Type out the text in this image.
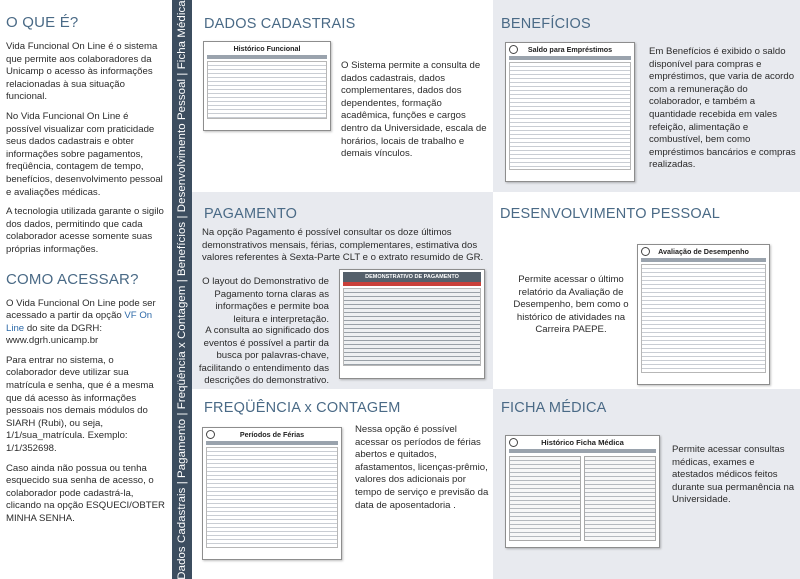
O QUE É?

Vida Funcional On Line é o sistema que permite aos colaboradores da Unicamp o acesso às informações relacionadas à sua situação funcional.

No Vida Funcional On Line é possível visualizar com praticidade seus dados cadastrais e obter informações sobre pagamentos, freqüência, contagem de tempo, benefícios, desenvolvimento pessoal e avaliações médicas.

A tecnologia utilizada garante o sigilo dos dados, permitindo que cada colaborador acesse somente suas próprias informações.

COMO ACESSAR?

O Vida Funcional On Line pode ser acessado a partir da opção VF On Line do site da DGRH: www.dgrh.unicamp.br

Para entrar no sistema, o colaborador deve utilizar sua matrícula e senha, que é a mesma que dá acesso às informações pessoais nos demais módulos do SIARH (Rubi), ou seja, 1/1/sua_matrícula. Exemplo: 1/1/352698.

Caso ainda não possua ou tenha esquecido sua senha de acesso, o colaborador pode cadastrá-la, clicando na opção ESQUECI/OBTER MINHA SENHA.	Dados Cadastrais | Pagamento | Freqüência x Contagem | Benefícios | Desenvolvimento Pessoal | Ficha Médica DADOS CADASTRAIS
Histórico Funcional
O Sistema permite a consulta de dados cadastrais, dados complementares, dados dos dependentes, formação acadêmica, funções e cargos dentro da Universidade, escala de horários, locais de trabalho e demais vínculos.
BENEFÍCIOS
Saldo para Empréstimos	Em Benefícios é exibido o saldo disponível para compras e empréstimos, que varia de acordo com a remuneração do colaborador, e também a quantidade recebida em vales refeição, alimentação e combustível, bem como empréstimos bancários e compras realizadas.
PAGAMENTO
Na opção Pagamento é possível consultar os doze últimos demonstrativos mensais, férias, complementares, estimativa dos valores referentes à Sexta-Parte CLT e o extrato resumido de GR.
O layout do Demonstrativo de Pagamento torna claras as informações e permite boa leitura e interpretação.
A consulta ao significado dos eventos é possível a partir da busca por palavras-chave, facilitando o entendimento das descrições do demonstrativo.
DEMONSTRATIVO DE PAGAMENTO
DESENVOLVIMENTO PESSOAL
Permite acessar o último relatório da Avaliação de Desempenho, bem como o histórico de atividades na Carreira PAEPE.
Avaliação de Desempenho
FREQÜÊNCIA x CONTAGEM
Períodos de Férias	Nessa opção é possível acessar os períodos de férias abertos e quitados, afastamentos, licenças-prêmio, valores dos adicionais por tempo de serviço e previsão da data de aposentadoria .
FICHA MÉDICA
Histórico Ficha Médica
Permite acessar consultas médicas, exames e atestados médicos feitos durante sua permanência na Universidade.
